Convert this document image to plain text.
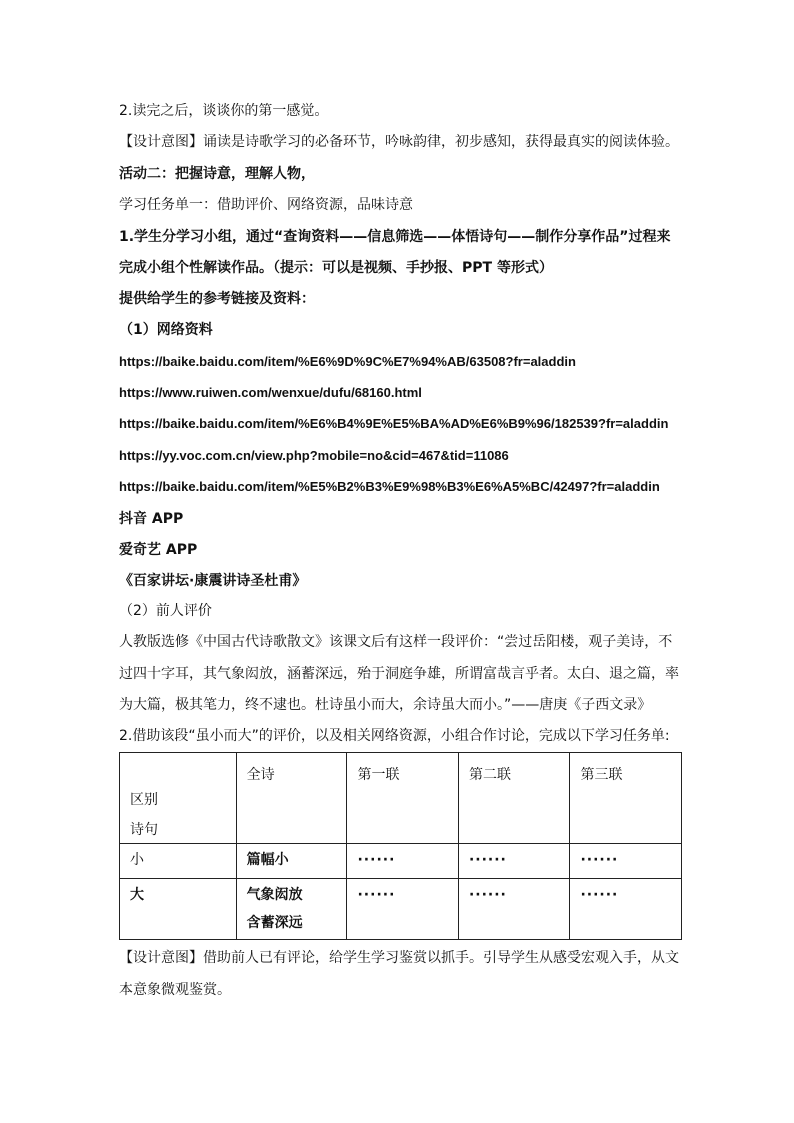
2.读完之后，谈谈你的第一感觉。
【设计意图】诵读是诗歌学习的必备环节，吟咏韵律，初步感知，获得最真实的阅读体验。
活动二：把握诗意，理解人物，
学习任务单一：借助评价、网络资源，品味诗意
1.学生分学习小组，通过“查询资料——信息筛选——体悟诗句——制作分享作品”过程来
完成小组个性解读作品。（提示：可以是视频、手抄报、PPT 等形式）
提供给学生的参考链接及资料：
（1）网络资料
https://baike.baidu.com/item/%E6%9D%9C%E7%94%AB/63508?fr=aladdin
https://www.ruiwen.com/wenxue/dufu/68160.html
https://baike.baidu.com/item/%E6%B4%9E%E5%BA%AD%E6%B9%96/182539?fr=aladdin
https://yy.voc.com.cn/view.php?mobile=no&cid=467&tid=11086
https://baike.baidu.com/item/%E5%B2%B3%E9%98%B3%E6%A5%BC/42497?fr=aladdin
抖音 APP
爱奇艺 APP
《百家讲坛·康震讲诗圣杜甫》
（2）前人评价
人教版选修《中国古代诗歌散文》该课文后有这样一段评价：“尝过岳阳楼，观子美诗，不
过四十字耳，其气象闳放，涵蓄深远，殆于洞庭争雄，所谓富哉言乎者。太白、退之篇，率
为大篇，极其笔力，终不逮也。杜诗虽小而大，余诗虽大而小。”——唐庚《子西文录》
2.借助该段“虽小而大”的评价，以及相关网络资源，小组合作讨论，完成以下学习任务单:
区别
诗句	全诗	第一联	第二联	第三联

小	篇幅小	······	······	······

大	气象闳放
含蓄深远	······	······	······
【设计意图】借助前人已有评论，给学生学习鉴赏以抓手。引导学生从感受宏观入手，从文
本意象微观鉴赏。
